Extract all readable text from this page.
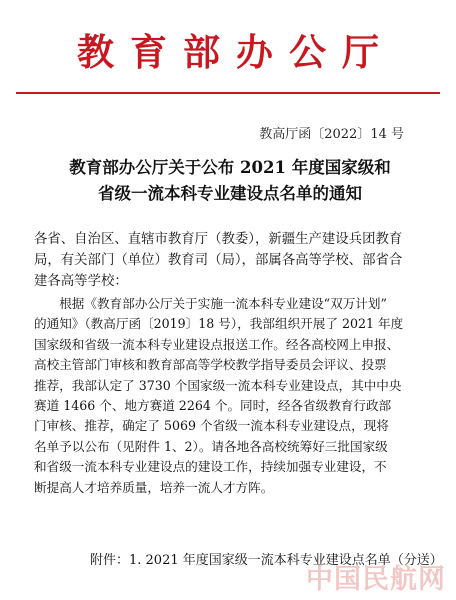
教育部办公厅
教高厅函〔2022〕14 号
教育部办公厅关于公布 2021 年度国家级和
省级一流本科专业建设点名单的通知
各省、自治区、直辖市教育厅（教委），新疆生产建设兵团教育
局，有关部门（单位）教育司（局），部属各高等学校、部省合
建各高等学校：
　　根据《教育部办公厅关于实施一流本科专业建设“双万计划”
的通知》（教高厅函〔2019〕18 号），我部组织开展了 2021 年度
国家级和省级一流本科专业建设点报送工作。经各高校网上申报、
高校主管部门审核和教育部高等学校教学指导委员会评议、投票
推荐，我部认定了 3730 个国家级一流本科专业建设点，其中中央
赛道 1466 个、地方赛道 2264 个。同时，经各省级教育行政部
门审核、推荐，确定了 5069 个省级一流本科专业建设点，现将
名单予以公布（见附件 1、2）。请各地各高校统筹好三批国家级
和省级一流本科专业建设点的建设工作，持续加强专业建设，不
断提高人才培养质量，培养一流人才方阵。
附件：1. 2021 年度国家级一流本科专业建设点名单（分送）
中国民航网
